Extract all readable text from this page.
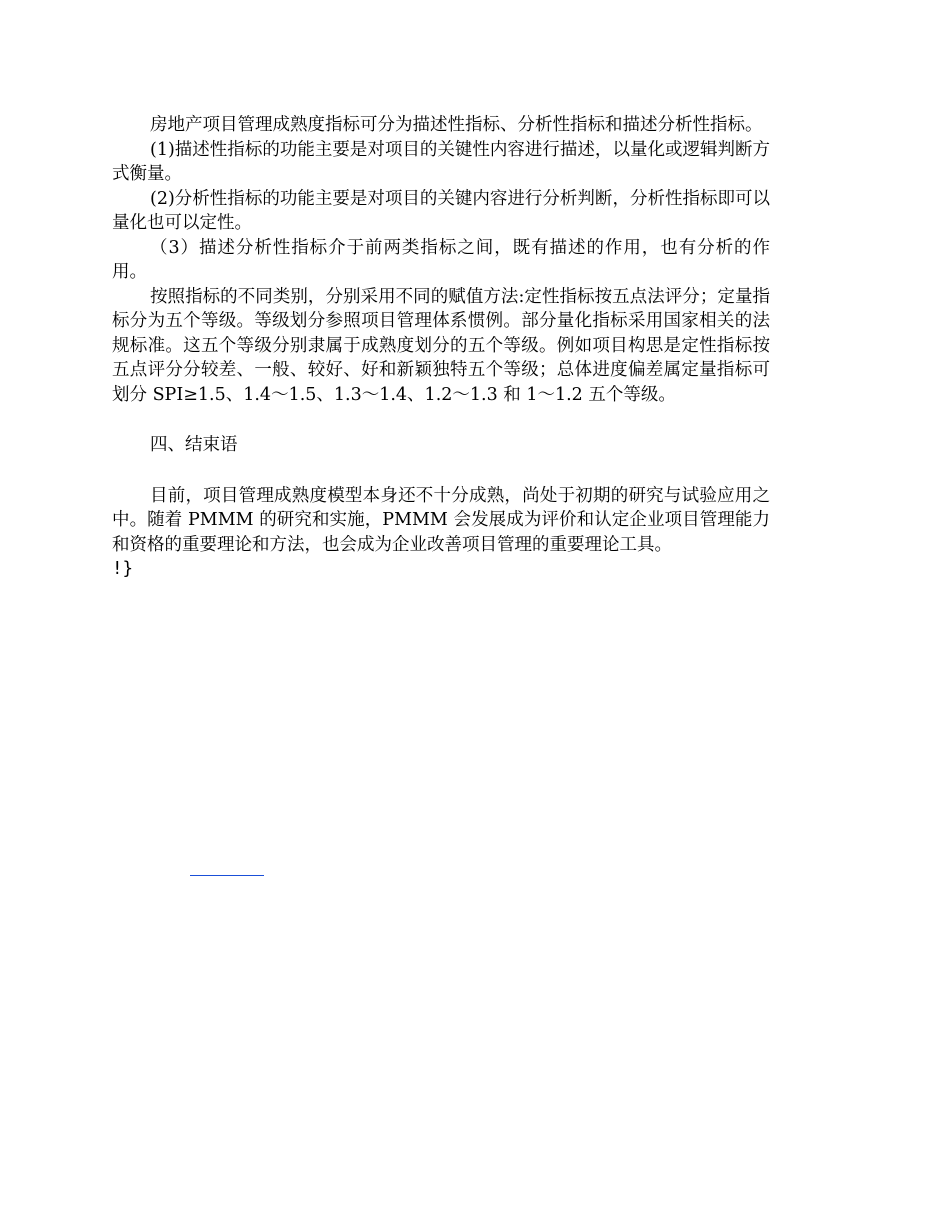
房地产项目管理成熟度指标可分为描述性指标、分析性指标和描述分析性指标。

(1)描述性指标的功能主要是对项目的关键性内容进行描述，以量化或逻辑判断方式衡量。

(2)分析性指标的功能主要是对项目的关键内容进行分析判断，分析性指标即可以量化也可以定性。

（3）描述分析性指标介于前两类指标之间，既有描述的作用，也有分析的作用。

按照指标的不同类别，分别采用不同的赋值方法:定性指标按五点法评分；定量指标分为五个等级。等级划分参照项目管理体系惯例。部分量化指标采用国家相关的法规标准。这五个等级分别隶属于成熟度划分的五个等级。例如项目构思是定性指标按五点评分分较差、一般、较好、好和新颖独特五个等级；总体进度偏差属定量指标可划分 SPI≥1.5、1.4～1.5、1.3～1.4、1.2～1.3 和 1～1.2 五个等级。

四、结束语

目前，项目管理成熟度模型本身还不十分成熟，尚处于初期的研究与试验应用之中。随着 PMMM 的研究和实施，PMMM 会发展成为评价和认定企业项目管理能力和资格的重要理论和方法，也会成为企业改善项目管理的重要理论工具。

!}
